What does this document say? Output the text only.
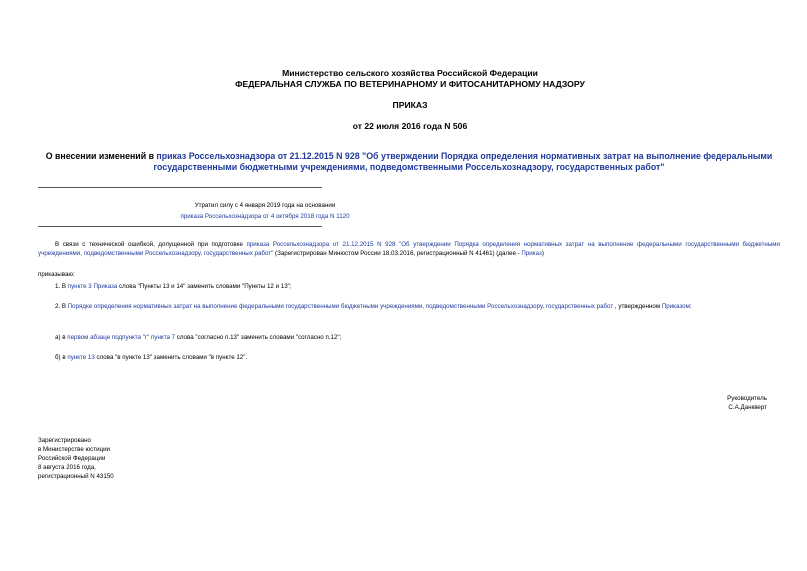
Министерство сельского хозяйства Российской Федерации
ФЕДЕРАЛЬНАЯ СЛУЖБА ПО ВЕТЕРИНАРНОМУ И ФИТОСАНИТАРНОМУ НАДЗОРУ
ПРИКАЗ
от 22 июля 2016 года N 506
О внесении изменений в приказ Россельхознадзора от 21.12.2015 N 928 "Об утверждении Порядка определения нормативных затрат на выполнение федеральными государственными бюджетными учреждениями, подведомственными Россельхознадзору, государственных работ"
Утратил силу с 4 января 2019 года на основании
приказа Россельхознадзора от 4 октября 2018 года N 1120
В связи с технической ошибкой, допущенной при подготовке приказа Россельхознадзора от 21.12.2015 N 928 "Об утверждении Порядка определения нормативных затрат на выполнение федеральными государственными бюджетными учреждениями, подведомственными Россельхознадзору, государственных работ" (Зарегистрирован Минюстом России 18.03.2016, регистрационный N 41461) (далее - Приказ)
приказываю:
1. В пункте 3 Приказа слова "Пункты 13 и 14" заменить словами "Пункты 12 и 13";
2. В Порядке определения нормативных затрат на выполнение федеральными государственными бюджетными учреждениями, подведомственными Россельхознадзору, государственных работ , утвержденном Приказом:
а) в первом абзаце подпункта "г" пункта 7 слова "согласно п.13" заменить словами "согласно п.12";
б) в пункте 13 слова "в пункте 13" заменить словами "в пункте 12".
Руководитель
С.А.Данкверт
Зарегистрировано
в Министерстве юстиции
Российской Федерации
8 августа 2016 года,
регистрационный N 43150
